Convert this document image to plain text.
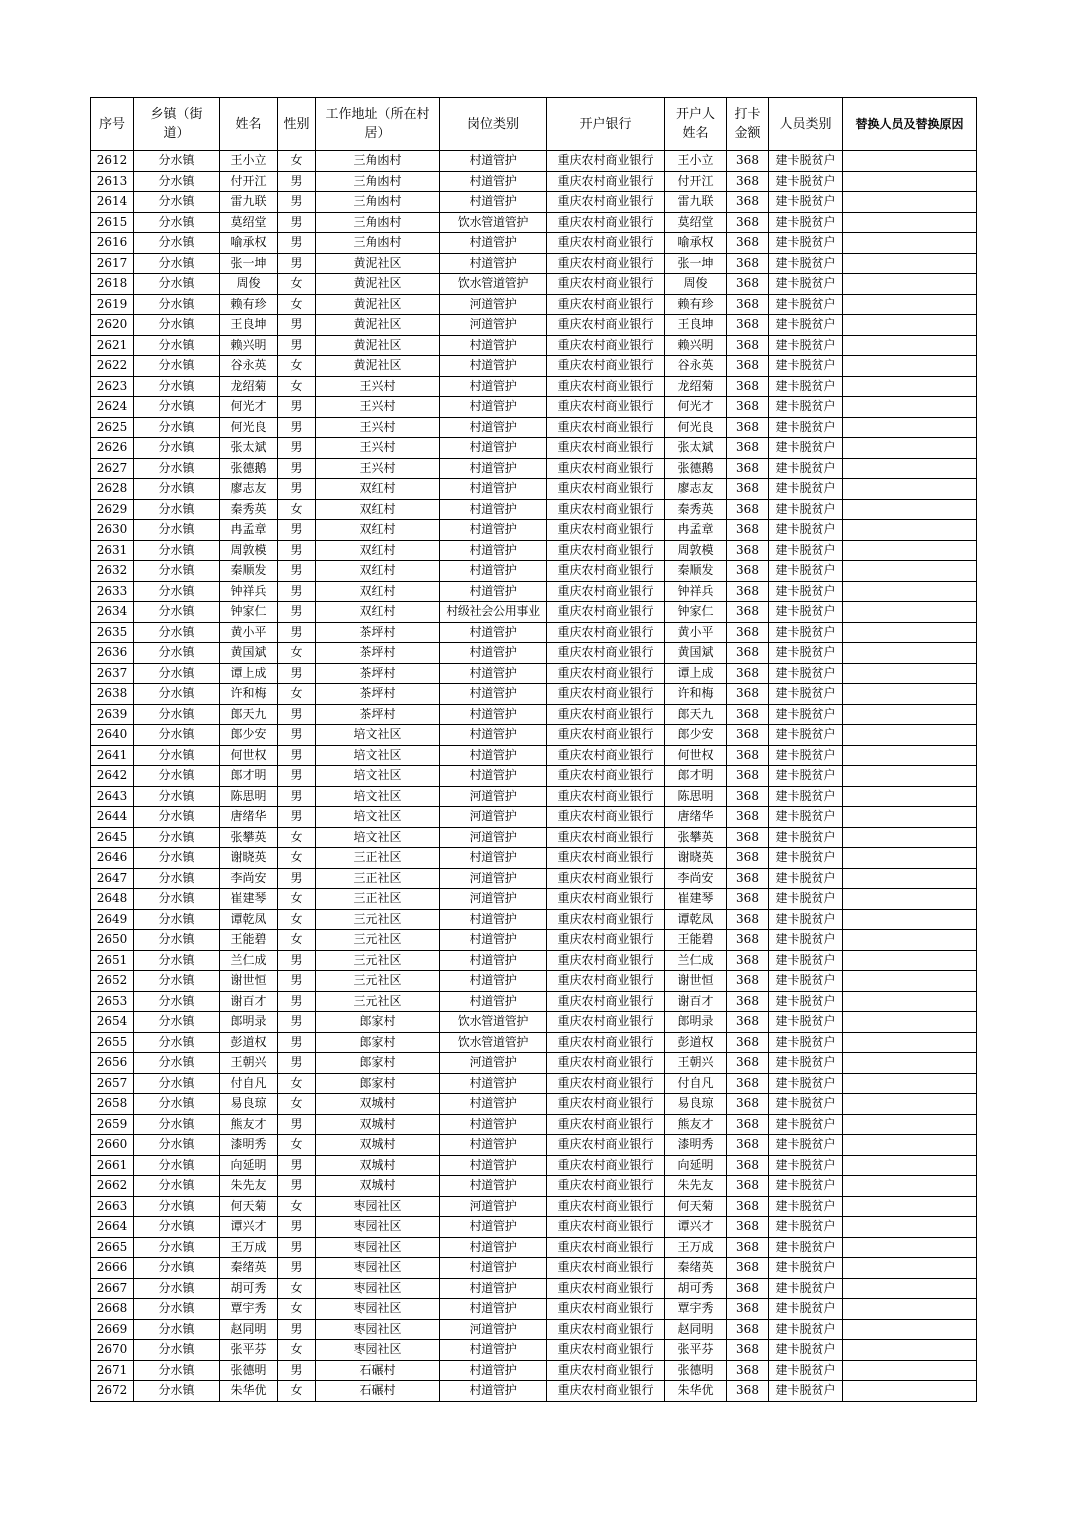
序号	乡镇（街道）	姓名	性别	工作地址（所在村居）	岗位类别	开户银行	开户人姓名	打卡金额	人员类别	替换人员及替换原因
2612	分水镇	王小立	女	三角凼村	村道管护	重庆农村商业银行	王小立	368	建卡脱贫户	
2613	分水镇	付开江	男	三角凼村	村道管护	重庆农村商业银行	付开江	368	建卡脱贫户	
2614	分水镇	雷九联	男	三角凼村	村道管护	重庆农村商业银行	雷九联	368	建卡脱贫户	
2615	分水镇	莫绍堂	男	三角凼村	饮水管道管护	重庆农村商业银行	莫绍堂	368	建卡脱贫户	
2616	分水镇	喻承权	男	三角凼村	村道管护	重庆农村商业银行	喻承权	368	建卡脱贫户	
2617	分水镇	张一坤	男	黄泥社区	村道管护	重庆农村商业银行	张一坤	368	建卡脱贫户	
2618	分水镇	周俊	女	黄泥社区	饮水管道管护	重庆农村商业银行	周俊	368	建卡脱贫户	
2619	分水镇	赖有珍	女	黄泥社区	河道管护	重庆农村商业银行	赖有珍	368	建卡脱贫户	
2620	分水镇	王良坤	男	黄泥社区	河道管护	重庆农村商业银行	王良坤	368	建卡脱贫户	
2621	分水镇	赖兴明	男	黄泥社区	村道管护	重庆农村商业银行	赖兴明	368	建卡脱贫户	
2622	分水镇	谷永英	女	黄泥社区	村道管护	重庆农村商业银行	谷永英	368	建卡脱贫户	
2623	分水镇	龙绍菊	女	王兴村	村道管护	重庆农村商业银行	龙绍菊	368	建卡脱贫户	
2624	分水镇	何光才	男	王兴村	村道管护	重庆农村商业银行	何光才	368	建卡脱贫户	
2625	分水镇	何光良	男	王兴村	村道管护	重庆农村商业银行	何光良	368	建卡脱贫户	
2626	分水镇	张太斌	男	王兴村	村道管护	重庆农村商业银行	张太斌	368	建卡脱贫户	
2627	分水镇	张德鹅	男	王兴村	村道管护	重庆农村商业银行	张德鹅	368	建卡脱贫户	
2628	分水镇	廖志友	男	双红村	村道管护	重庆农村商业银行	廖志友	368	建卡脱贫户	
2629	分水镇	秦秀英	女	双红村	村道管护	重庆农村商业银行	秦秀英	368	建卡脱贫户	
2630	分水镇	冉孟章	男	双红村	村道管护	重庆农村商业银行	冉孟章	368	建卡脱贫户	
2631	分水镇	周敦模	男	双红村	村道管护	重庆农村商业银行	周敦模	368	建卡脱贫户	
2632	分水镇	秦顺发	男	双红村	村道管护	重庆农村商业银行	秦顺发	368	建卡脱贫户	
2633	分水镇	钟祥兵	男	双红村	村道管护	重庆农村商业银行	钟祥兵	368	建卡脱贫户	
2634	分水镇	钟家仁	男	双红村	村级社会公用事业	重庆农村商业银行	钟家仁	368	建卡脱贫户	
2635	分水镇	黄小平	男	茶坪村	村道管护	重庆农村商业银行	黄小平	368	建卡脱贫户	
2636	分水镇	黄国斌	女	茶坪村	村道管护	重庆农村商业银行	黄国斌	368	建卡脱贫户	
2637	分水镇	谭上成	男	茶坪村	村道管护	重庆农村商业银行	谭上成	368	建卡脱贫户	
2638	分水镇	许和梅	女	茶坪村	村道管护	重庆农村商业银行	许和梅	368	建卡脱贫户	
2639	分水镇	郎天九	男	茶坪村	村道管护	重庆农村商业银行	郎天九	368	建卡脱贫户	
2640	分水镇	郎少安	男	培文社区	村道管护	重庆农村商业银行	郎少安	368	建卡脱贫户	
2641	分水镇	何世权	男	培文社区	村道管护	重庆农村商业银行	何世权	368	建卡脱贫户	
2642	分水镇	郎才明	男	培文社区	村道管护	重庆农村商业银行	郎才明	368	建卡脱贫户	
2643	分水镇	陈思明	男	培文社区	河道管护	重庆农村商业银行	陈思明	368	建卡脱贫户	
2644	分水镇	唐绪华	男	培文社区	河道管护	重庆农村商业银行	唐绪华	368	建卡脱贫户	
2645	分水镇	张攀英	女	培文社区	河道管护	重庆农村商业银行	张攀英	368	建卡脱贫户	
2646	分水镇	谢晓英	女	三正社区	村道管护	重庆农村商业银行	谢晓英	368	建卡脱贫户	
2647	分水镇	李尚安	男	三正社区	河道管护	重庆农村商业银行	李尚安	368	建卡脱贫户	
2648	分水镇	崔建琴	女	三正社区	河道管护	重庆农村商业银行	崔建琴	368	建卡脱贫户	
2649	分水镇	谭乾凤	女	三元社区	村道管护	重庆农村商业银行	谭乾凤	368	建卡脱贫户	
2650	分水镇	王能碧	女	三元社区	村道管护	重庆农村商业银行	王能碧	368	建卡脱贫户	
2651	分水镇	兰仁成	男	三元社区	村道管护	重庆农村商业银行	兰仁成	368	建卡脱贫户	
2652	分水镇	谢世恒	男	三元社区	村道管护	重庆农村商业银行	谢世恒	368	建卡脱贫户	
2653	分水镇	谢百才	男	三元社区	村道管护	重庆农村商业银行	谢百才	368	建卡脱贫户	
2654	分水镇	郎明录	男	郎家村	饮水管道管护	重庆农村商业银行	郎明录	368	建卡脱贫户	
2655	分水镇	彭道权	男	郎家村	饮水管道管护	重庆农村商业银行	彭道权	368	建卡脱贫户	
2656	分水镇	王朝兴	男	郎家村	河道管护	重庆农村商业银行	王朝兴	368	建卡脱贫户	
2657	分水镇	付自凡	女	郎家村	村道管护	重庆农村商业银行	付自凡	368	建卡脱贫户	
2658	分水镇	易良琼	女	双城村	村道管护	重庆农村商业银行	易良琼	368	建卡脱贫户	
2659	分水镇	熊友才	男	双城村	村道管护	重庆农村商业银行	熊友才	368	建卡脱贫户	
2660	分水镇	漆明秀	女	双城村	村道管护	重庆农村商业银行	漆明秀	368	建卡脱贫户	
2661	分水镇	向延明	男	双城村	村道管护	重庆农村商业银行	向延明	368	建卡脱贫户	
2662	分水镇	朱先友	男	双城村	村道管护	重庆农村商业银行	朱先友	368	建卡脱贫户	
2663	分水镇	何天菊	女	枣园社区	河道管护	重庆农村商业银行	何天菊	368	建卡脱贫户	
2664	分水镇	谭兴才	男	枣园社区	村道管护	重庆农村商业银行	谭兴才	368	建卡脱贫户	
2665	分水镇	王万成	男	枣园社区	村道管护	重庆农村商业银行	王万成	368	建卡脱贫户	
2666	分水镇	秦绪英	男	枣园社区	村道管护	重庆农村商业银行	秦绪英	368	建卡脱贫户	
2667	分水镇	胡可秀	女	枣园社区	村道管护	重庆农村商业银行	胡可秀	368	建卡脱贫户	
2668	分水镇	覃宇秀	女	枣园社区	村道管护	重庆农村商业银行	覃宇秀	368	建卡脱贫户	
2669	分水镇	赵同明	男	枣园社区	河道管护	重庆农村商业银行	赵同明	368	建卡脱贫户	
2670	分水镇	张平芬	女	枣园社区	村道管护	重庆农村商业银行	张平芬	368	建卡脱贫户	
2671	分水镇	张德明	男	石碾村	村道管护	重庆农村商业银行	张德明	368	建卡脱贫户	
2672	分水镇	朱华优	女	石碾村	村道管护	重庆农村商业银行	朱华优	368	建卡脱贫户	
